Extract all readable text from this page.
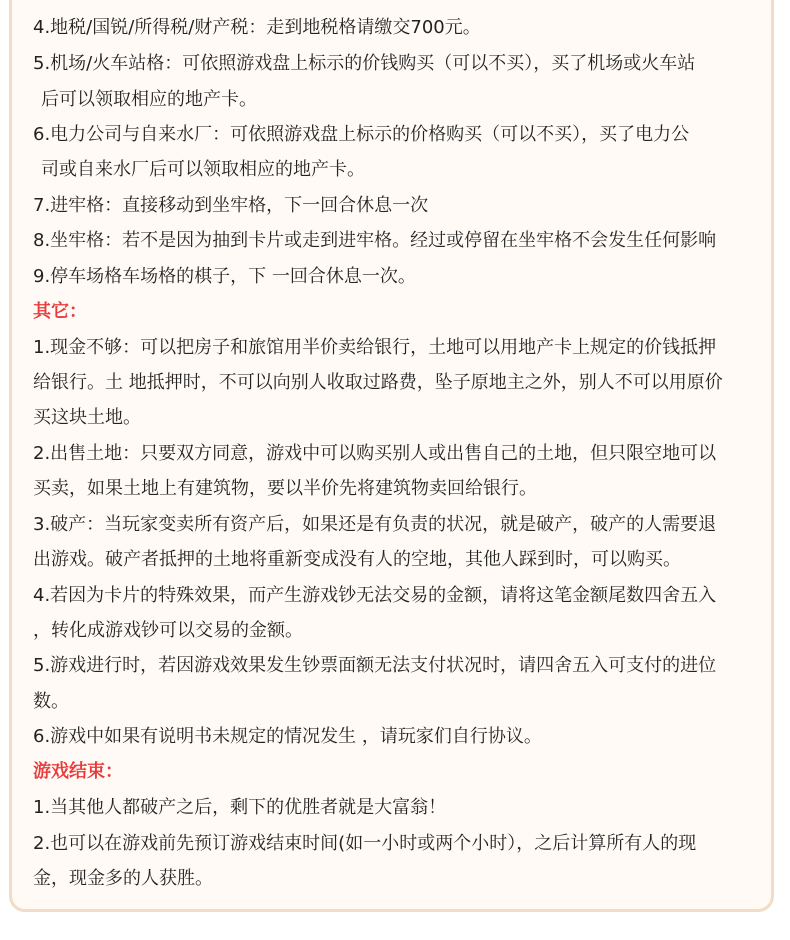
4.地税/国锐/所得税/财产税：走到地税格请缴交700元。
5.机场/火车站格：可依照游戏盘上标示的价钱购买（可以不买），买了机场或火车站
后可以领取相应的地产卡。
6.电力公司与自来水厂：可依照游戏盘上标示的价格购买（可以不买），买了电力公
司或自来水厂后可以领取相应的地产卡。
7.进牢格：直接移动到坐牢格，下一回合休息一次
8.坐牢格：若不是因为抽到卡片或走到进牢格。经过或停留在坐牢格不会发生任何影响
9.停车场格车场格的棋子，下 一回合休息一次。
其它：
1.现金不够：可以把房子和旅馆用半价卖给银行，土地可以用地产卡上规定的价钱抵押
给银行。土 地抵押时，不可以向别人收取过路费，坠子原地主之外，别人不可以用原价
买这块土地。
2.出售土地：只要双方同意，游戏中可以购买别人或出售自己的土地，但只限空地可以
买卖，如果土地上有建筑物，要以半价先将建筑物卖回给银行。
3.破产：当玩家变卖所有资产后，如果还是有负责的状况，就是破产，破产的人需要退
出游戏。破产者抵押的土地将重新变成没有人的空地，其他人踩到时，可以购买。
4.若因为卡片的特殊效果，而产生游戏钞无法交易的金额，请将这笔金额尾数四舍五入
，转化成游戏钞可以交易的金额。
5.游戏进行时，若因游戏效果发生钞票面额无法支付状况时，请四舍五入可支付的进位
数。
6.游戏中如果有说明书未规定的情况发生 ，请玩家们自行协议。
游戏结束：
1.当其他人都破产之后，剩下的优胜者就是大富翁！
2.也可以在游戏前先预订游戏结束时间(如一小时或两个小时），之后计算所有人的现
金，现金多的人获胜。
